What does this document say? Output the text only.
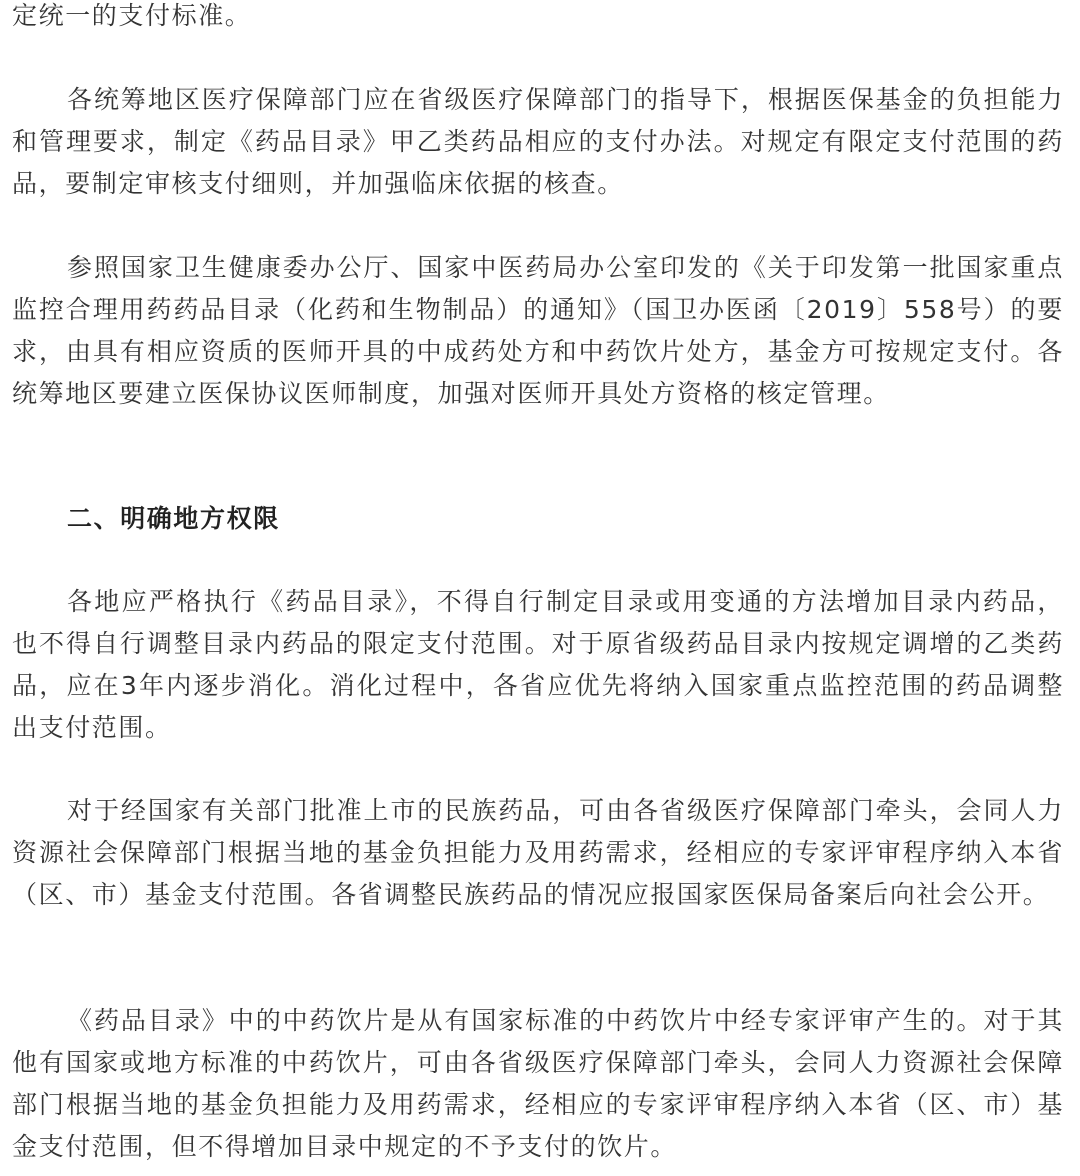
定统一的支付标准。

各统筹地区医疗保障部门应在省级医疗保障部门的指导下，根据医保基金的负担能力和管理要求，制定《药品目录》甲乙类药品相应的支付办法。对规定有限定支付范围的药品，要制定审核支付细则，并加强临床依据的核查。

参照国家卫生健康委办公厅、国家中医药局办公室印发的《关于印发第一批国家重点监控合理用药药品目录（化药和生物制品）的通知》（国卫办医函〔2019〕558号）的要求，由具有相应资质的医师开具的中成药处方和中药饮片处方，基金方可按规定支付。各统筹地区要建立医保协议医师制度，加强对医师开具处方资格的核定管理。

二、明确地方权限

各地应严格执行《药品目录》，不得自行制定目录或用变通的方法增加目录内药品，也不得自行调整目录内药品的限定支付范围。对于原省级药品目录内按规定调增的乙类药品，应在3年内逐步消化。消化过程中，各省应优先将纳入国家重点监控范围的药品调整出支付范围。

对于经国家有关部门批准上市的民族药品，可由各省级医疗保障部门牵头，会同人力资源社会保障部门根据当地的基金负担能力及用药需求，经相应的专家评审程序纳入本省（区、市）基金支付范围。各省调整民族药品的情况应报国家医保局备案后向社会公开。

《药品目录》中的中药饮片是从有国家标准的中药饮片中经专家评审产生的。对于其他有国家或地方标准的中药饮片，可由各省级医疗保障部门牵头，会同人力资源社会保障部门根据当地的基金负担能力及用药需求，经相应的专家评审程序纳入本省（区、市）基金支付范围，但不得增加目录中规定的不予支付的饮片。
